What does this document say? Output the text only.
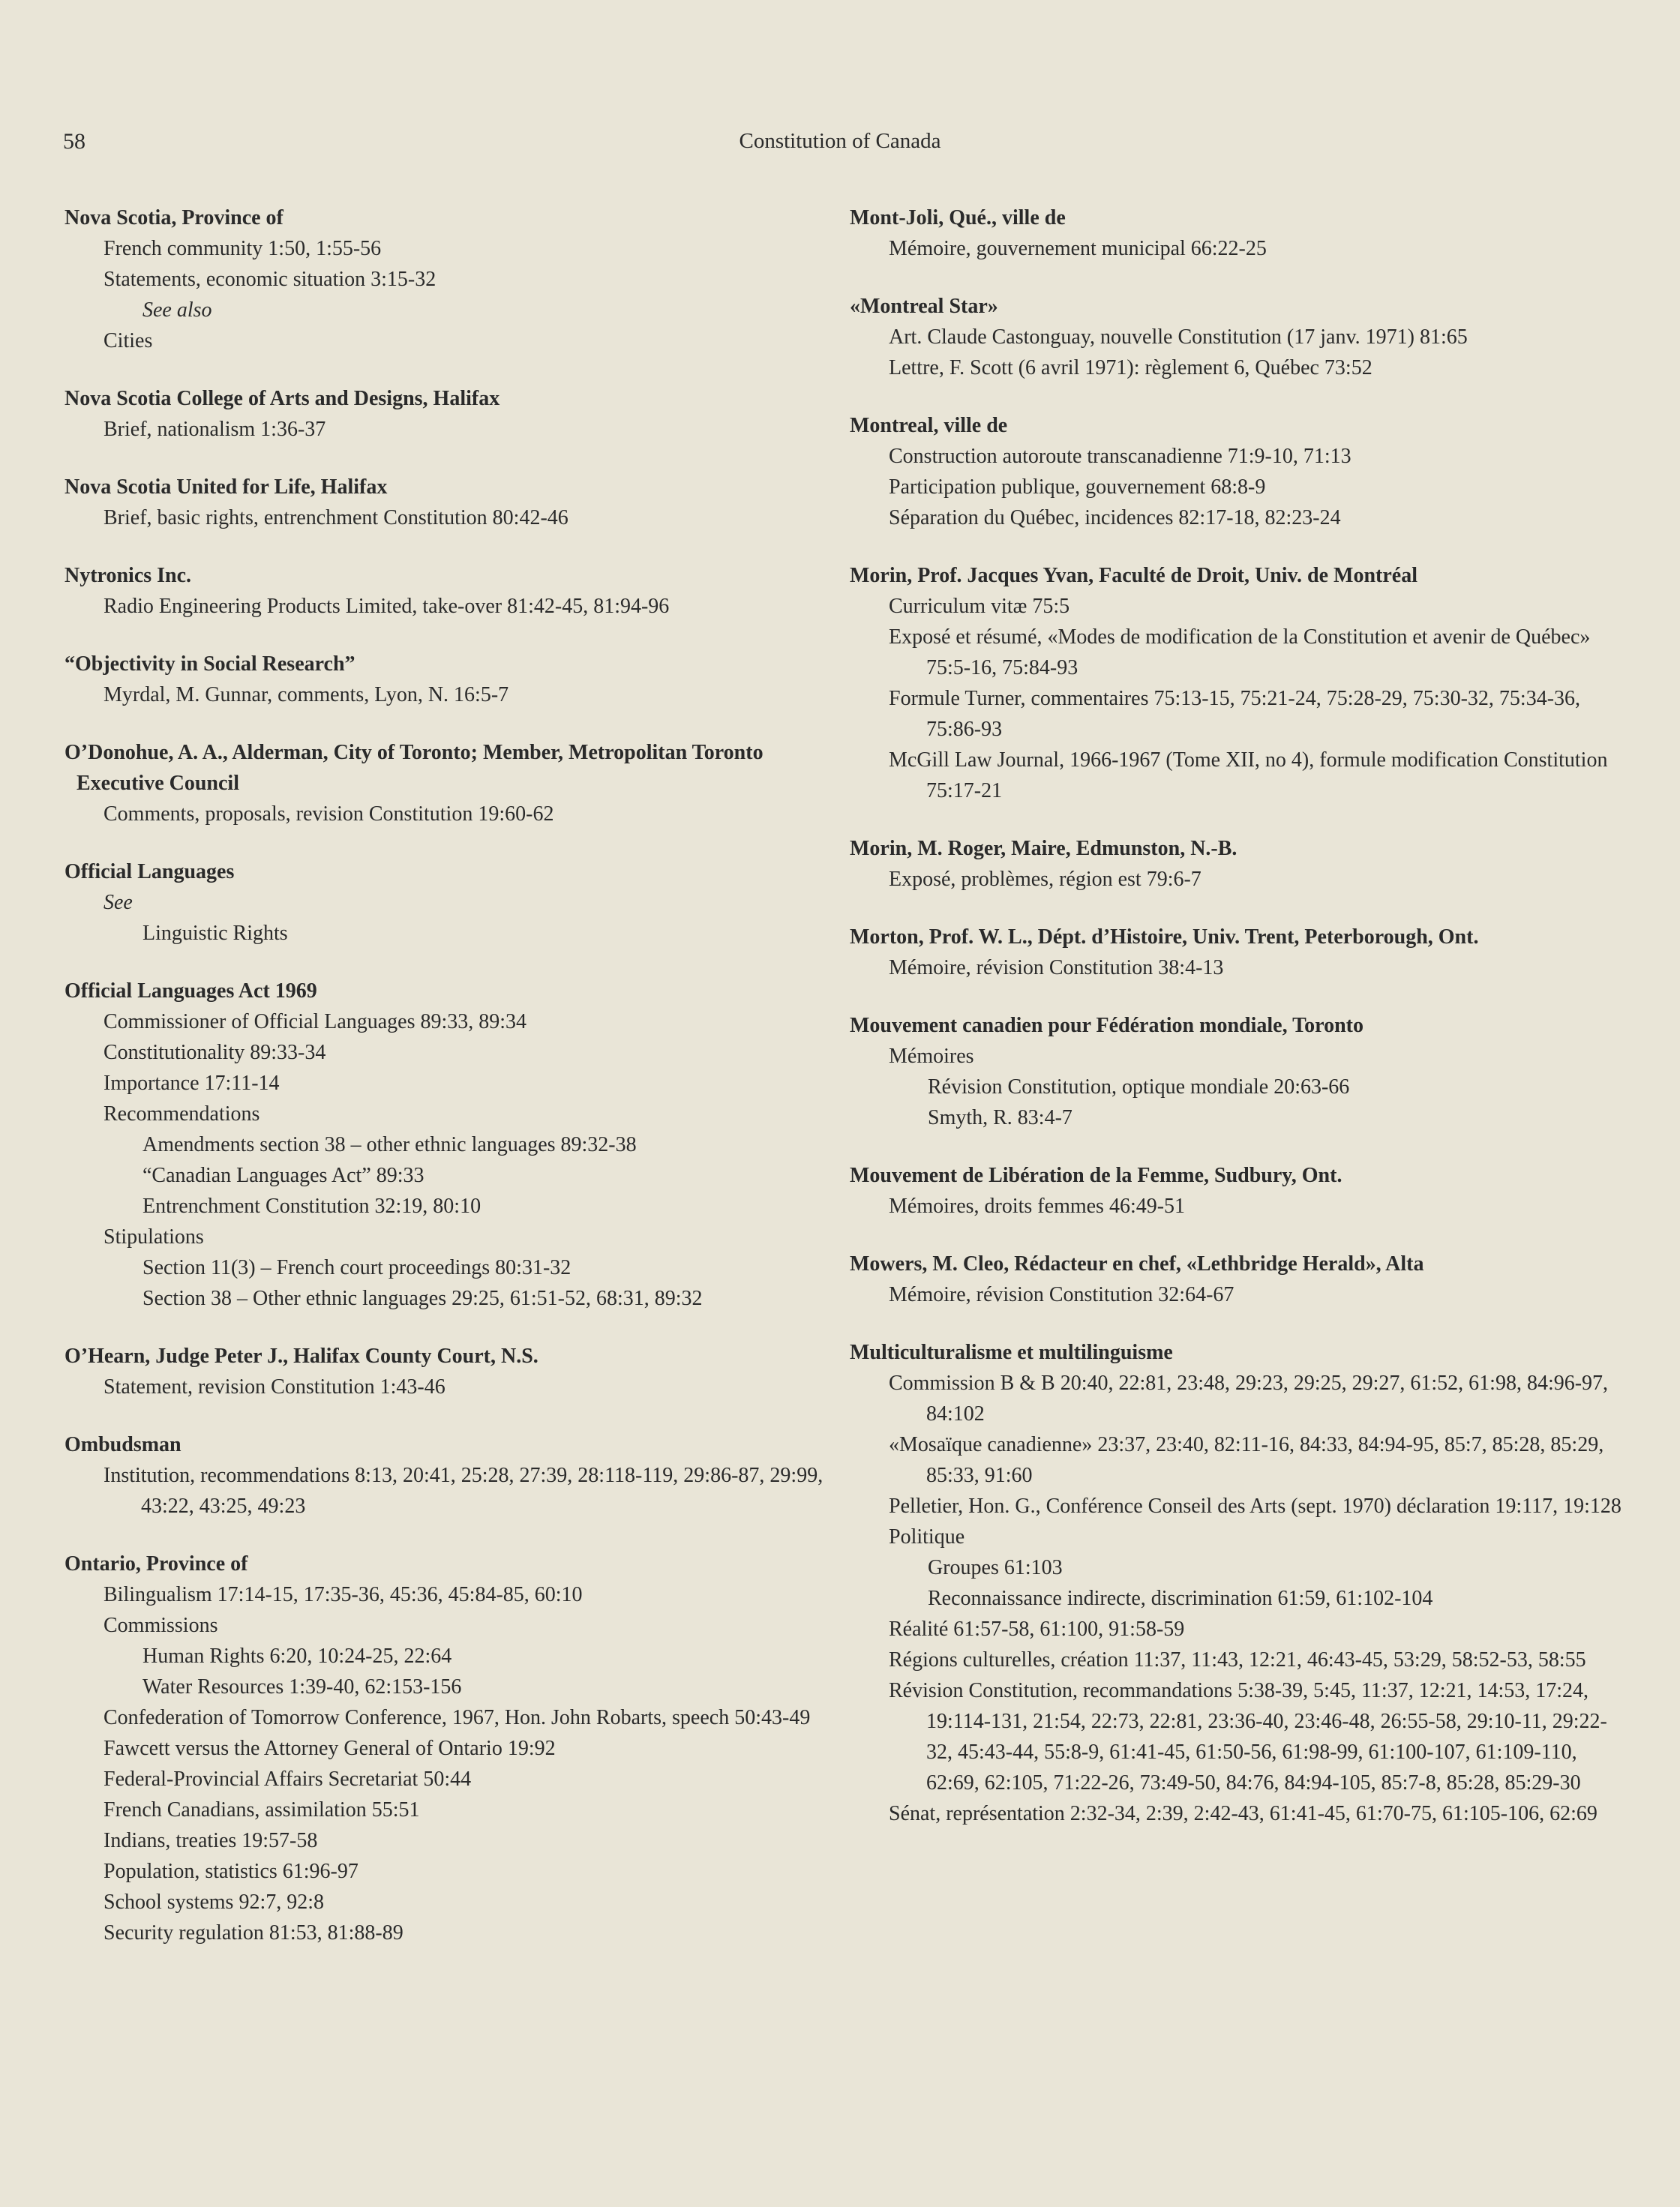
58	Constitution of Canada
Nova Scotia, Province of
French community 1:50, 1:55-56
Statements, economic situation 3:15-32
See also
Cities
Nova Scotia College of Arts and Designs, Halifax
Brief, nationalism 1:36-37
Nova Scotia United for Life, Halifax
Brief, basic rights, entrenchment Constitution 80:42-46
Nytronics Inc.
Radio Engineering Products Limited, take-over 81:42-45, 81:94-96
“Objectivity in Social Research”
Myrdal, M. Gunnar, comments, Lyon, N. 16:5-7
O’Donohue, A. A., Alderman, City of Toronto; Member, Metropolitan Toronto Executive Council
Comments, proposals, revision Constitution 19:60-62
Official Languages
See
Linguistic Rights
Official Languages Act 1969
Commissioner of Official Languages 89:33, 89:34
Constitutionality 89:33-34
Importance 17:11-14
Recommendations
Amendments section 38 – other ethnic languages 89:32-38
“Canadian Languages Act” 89:33
Entrenchment Constitution 32:19, 80:10
Stipulations
Section 11(3) – French court proceedings 80:31-32
Section 38 – Other ethnic languages 29:25, 61:51-52, 68:31, 89:32
O’Hearn, Judge Peter J., Halifax County Court, N.S.
Statement, revision Constitution 1:43-46
Ombudsman
Institution, recommendations 8:13, 20:41, 25:28, 27:39, 28:118-119, 29:86-87, 29:99, 43:22, 43:25, 49:23
Ontario, Province of
Bilingualism 17:14-15, 17:35-36, 45:36, 45:84-85, 60:10
Commissions
Human Rights 6:20, 10:24-25, 22:64
Water Resources 1:39-40, 62:153-156
Confederation of Tomorrow Conference, 1967, Hon. John Robarts, speech 50:43-49
Fawcett versus the Attorney General of Ontario 19:92
Federal-Provincial Affairs Secretariat 50:44
French Canadians, assimilation 55:51
Indians, treaties 19:57-58
Population, statistics 61:96-97
School systems 92:7, 92:8
Security regulation 81:53, 81:88-89
Mont-Joli, Qué., ville de
Mémoire, gouvernement municipal 66:22-25
«Montreal Star»
Art. Claude Castonguay, nouvelle Constitution (17 janv. 1971) 81:65
Lettre, F. Scott (6 avril 1971): règlement 6, Québec 73:52
Montreal, ville de
Construction autoroute transcanadienne 71:9-10, 71:13
Participation publique, gouvernement 68:8-9
Séparation du Québec, incidences 82:17-18, 82:23-24
Morin, Prof. Jacques Yvan, Faculté de Droit, Univ. de Montréal
Curriculum vitæ 75:5
Exposé et résumé, «Modes de modification de la Constitution et avenir de Québec» 75:5-16, 75:84-93
Formule Turner, commentaires 75:13-15, 75:21-24, 75:28-29, 75:30-32, 75:34-36, 75:86-93
McGill Law Journal, 1966-1967 (Tome XII, no 4), formule modification Constitution 75:17-21
Morin, M. Roger, Maire, Edmunston, N.-B.
Exposé, problèmes, région est 79:6-7
Morton, Prof. W. L., Dépt. d’Histoire, Univ. Trent, Peterborough, Ont.
Mémoire, révision Constitution 38:4-13
Mouvement canadien pour Fédération mondiale, Toronto
Mémoires
Révision Constitution, optique mondiale 20:63-66
Smyth, R. 83:4-7
Mouvement de Libération de la Femme, Sudbury, Ont.
Mémoires, droits femmes 46:49-51
Mowers, M. Cleo, Rédacteur en chef, «Lethbridge Herald», Alta
Mémoire, révision Constitution 32:64-67
Multiculturalisme et multilinguisme
Commission B & B 20:40, 22:81, 23:48, 29:23, 29:25, 29:27, 61:52, 61:98, 84:96-97, 84:102
«Mosaïque canadienne» 23:37, 23:40, 82:11-16, 84:33, 84:94-95, 85:7, 85:28, 85:29, 85:33, 91:60
Pelletier, Hon. G., Conférence Conseil des Arts (sept. 1970) déclaration 19:117, 19:128
Politique
Groupes 61:103
Reconnaissance indirecte, discrimination 61:59, 61:102-104
Réalité 61:57-58, 61:100, 91:58-59
Régions culturelles, création 11:37, 11:43, 12:21, 46:43-45, 53:29, 58:52-53, 58:55
Révision Constitution, recommandations 5:38-39, 5:45, 11:37, 12:21, 14:53, 17:24, 19:114-131, 21:54, 22:73, 22:81, 23:36-40, 23:46-48, 26:55-58, 29:10-11, 29:22-32, 45:43-44, 55:8-9, 61:41-45, 61:50-56, 61:98-99, 61:100-107, 61:109-110, 62:69, 62:105, 71:22-26, 73:49-50, 84:76, 84:94-105, 85:7-8, 85:28, 85:29-30
Sénat, représentation 2:32-34, 2:39, 2:42-43, 61:41-45, 61:70-75, 61:105-106, 62:69
